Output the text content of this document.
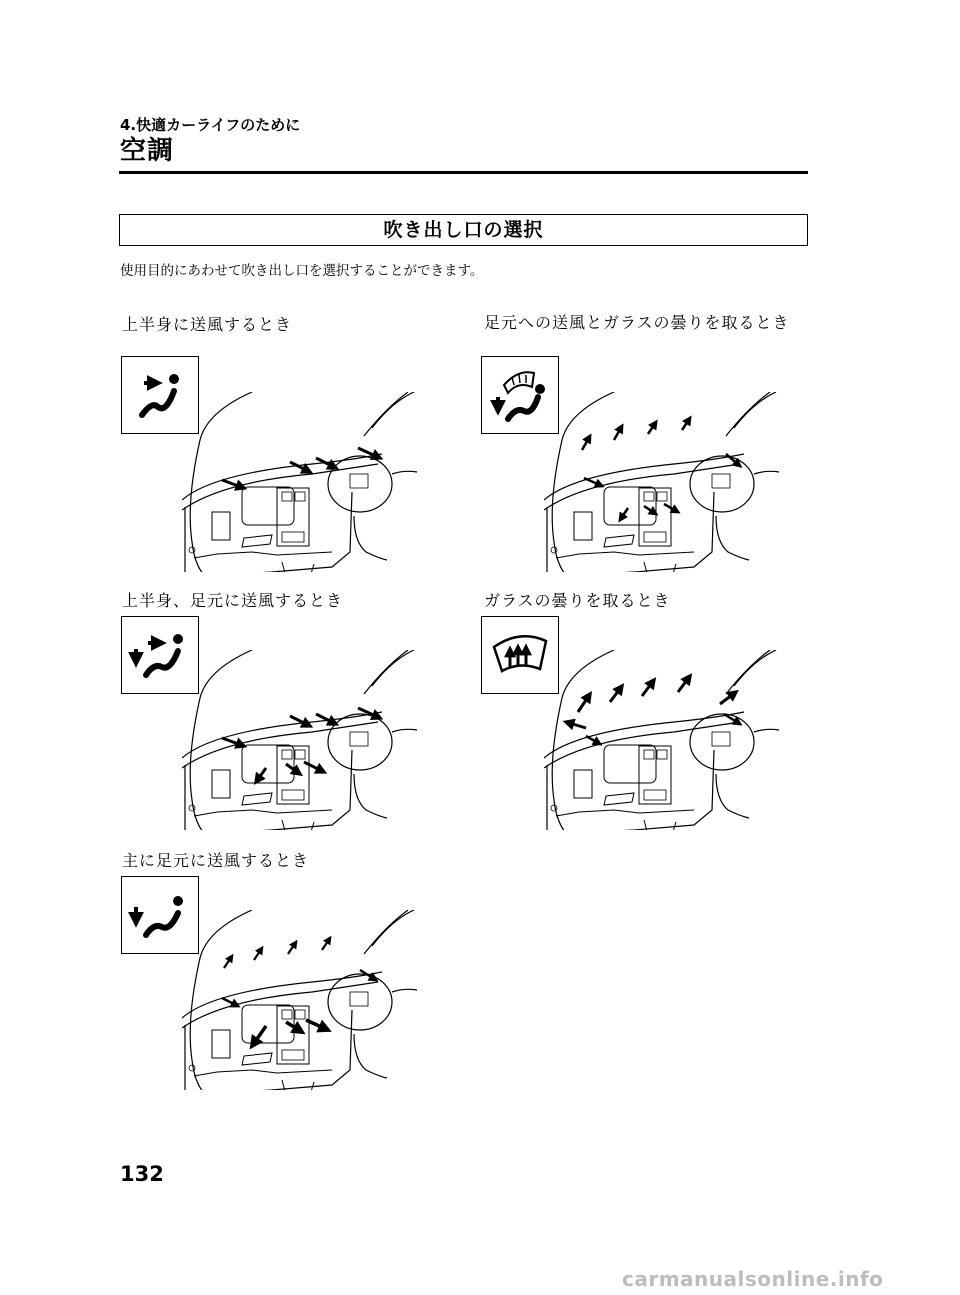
4.快適カーライフのために
空調
吹き出し口の選択
使用目的にあわせて吹き出し口を選択することができます。
上半身に送風するとき	足元への送風とガラスの曇りを取るとき
上半身、足元に送風するとき	ガラスの曇りを取るとき
主に足元に送風するとき
132
carmanualsonline.info
